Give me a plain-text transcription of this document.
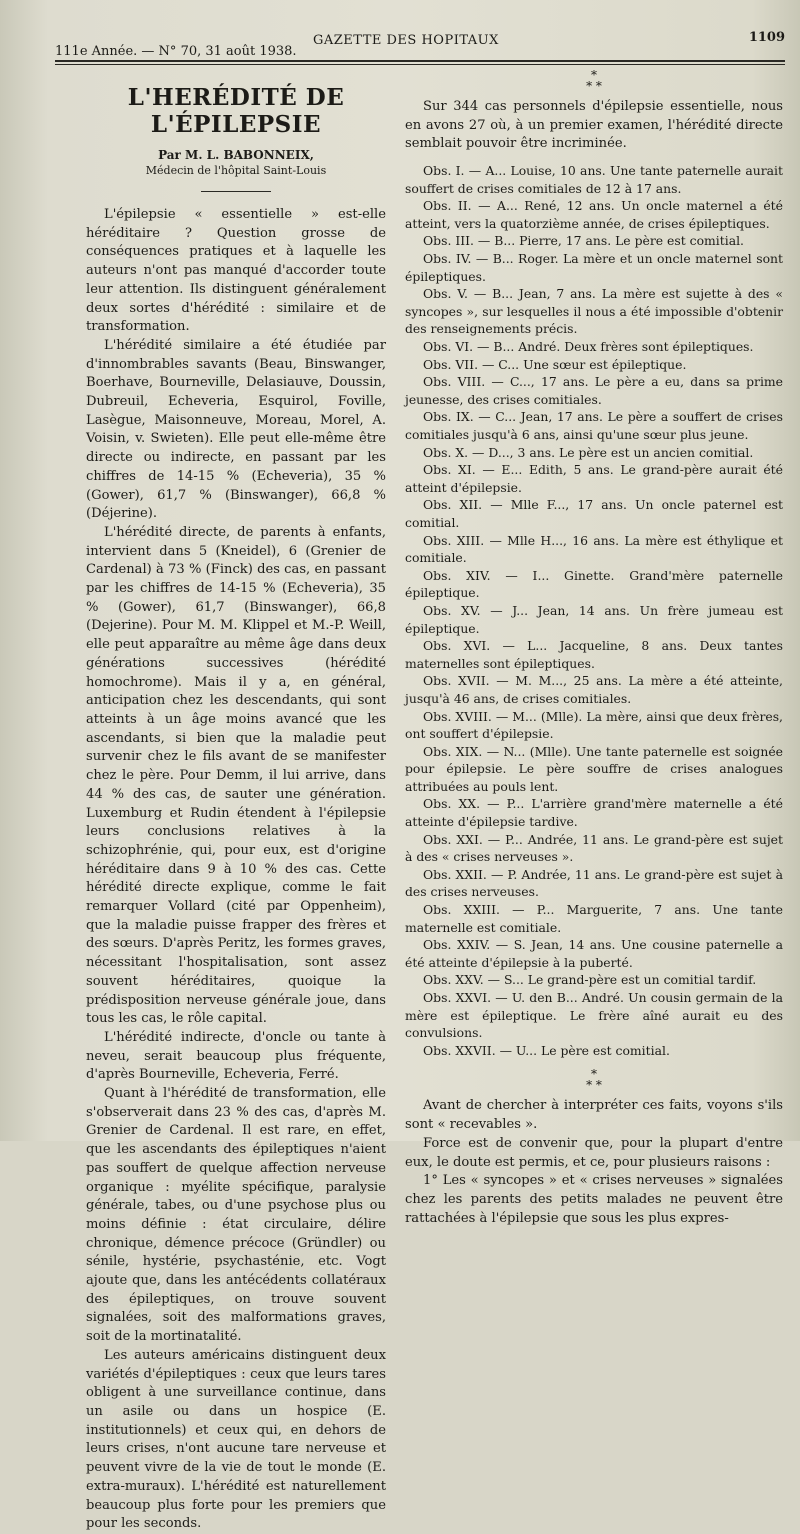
111e Année. — N° 70, 31 août 1938.
GAZETTE DES HOPITAUX	1109
L'HERÉDITÉ DE L'ÉPILEPSIE
Par M. L. BABONNEIX,
Médecin de l'hôpital Saint-Louis

L'épilepsie « essentielle » est-elle héréditaire ? Question grosse de conséquences pratiques et à laquelle les auteurs n'ont pas manqué d'accorder toute leur attention. Ils distinguent généralement deux sortes d'hérédité : similaire et de transformation.

L'hérédité similaire a été étudiée par d'innombrables savants (Beau, Binswanger, Boerhave, Bourneville, Delasiauve, Doussin, Dubreuil, Echeveria, Esquirol, Foville, Lasègue, Maisonneuve, Moreau, Morel, A. Voisin, v. Swieten). Elle peut elle-même être directe ou indirecte, en passant par les chiffres de 14-15 % (Echeveria), 35 % (Gower), 61,7 % (Binswanger), 66,8 % (Déjerine).

L'hérédité directe, de parents à enfants, intervient dans 5 (Kneidel), 6 (Grenier de Cardenal) à 73 % (Finck) des cas, en passant par les chiffres de 14-15 % (Echeveria), 35 % (Gower), 61,7 (Binswanger), 66,8 (Dejerine). Pour M. M. Klippel et M.-P. Weill, elle peut apparaître au même âge dans deux générations successives (hérédité homochrome). Mais il y a, en général, anticipation chez les descendants, qui sont atteints à un âge moins avancé que les ascendants, si bien que la maladie peut survenir chez le fils avant de se manifester chez le père. Pour Demm, il lui arrive, dans 44 % des cas, de sauter une génération. Luxemburg et Rudin étendent à l'épilepsie leurs conclusions relatives à la schizophrénie, qui, pour eux, est d'origine héréditaire dans 9 à 10 % des cas. Cette hérédité directe explique, comme le fait remarquer Vollard (cité par Oppenheim), que la maladie puisse frapper des frères et des sœurs. D'après Peritz, les formes graves, nécessitant l'hospitalisation, sont assez souvent héréditaires, quoique la prédisposition nerveuse générale joue, dans tous les cas, le rôle capital.

L'hérédité indirecte, d'oncle ou tante à neveu, serait beaucoup plus fréquente, d'après Bourneville, Echeveria, Ferré.

Quant à l'hérédité de transformation, elle s'observerait dans 23 % des cas, d'après M. Grenier de Cardenal. Il est rare, en effet, que les ascendants des épileptiques n'aient pas souffert de quelque affection nerveuse organique : myélite spécifique, paralysie générale, tabes, ou d'une psychose plus ou moins définie : état circulaire, délire chronique, démence précoce (Gründler) ou sénile, hystérie, psychasténie, etc. Vogt ajoute que, dans les antécédents collatéraux des épileptiques, on trouve souvent signalées, soit des malformations graves, soit de la mortinatalité.

Les auteurs américains distinguent deux variétés d'épileptiques : ceux que leurs tares obligent à une surveillance continue, dans un asile ou dans un hospice (E. institutionnels) et ceux qui, en dehors de leurs crises, n'ont aucune tare nerveuse et peuvent vivre de la vie de tout le monde (E. extra-muraux). L'hérédité est naturellement beaucoup plus forte pour les premiers que pour les seconds.

*
* *

Sur 344 cas personnels d'épilepsie essentielle, nous en avons 27 où, à un premier examen, l'hérédité directe semblait pouvoir être incriminée.

Obs. I. — A... Louise, 10 ans. Une tante paternelle aurait souffert de crises comitiales de 12 à 17 ans.

Obs. II. — A... René, 12 ans. Un oncle maternel a été atteint, vers la quatorzième année, de crises épileptiques.

Obs. III. — B... Pierre, 17 ans. Le père est comitial.

Obs. IV. — B... Roger. La mère et un oncle maternel sont épileptiques.

Obs. V. — B... Jean, 7 ans. La mère est sujette à des « syncopes », sur lesquelles il nous a été impossible d'obtenir des renseignements précis.

Obs. VI. — B... André. Deux frères sont épileptiques.

Obs. VII. — C... Une sœur est épileptique.

Obs. VIII. — C..., 17 ans. Le père a eu, dans sa prime jeunesse, des crises comitiales.

Obs. IX. — C... Jean, 17 ans. Le père a souffert de crises comitiales jusqu'à 6 ans, ainsi qu'une sœur plus jeune.

Obs. X. — D..., 3 ans. Le père est un ancien comitial.

Obs. XI. — E... Edith, 5 ans. Le grand-père aurait été atteint d'épilepsie.

Obs. XII. — Mlle F..., 17 ans. Un oncle paternel est comitial.

Obs. XIII. — Mlle H..., 16 ans. La mère est éthylique et comitiale.

Obs. XIV. — I... Ginette. Grand'mère paternelle épileptique.

Obs. XV. — J... Jean, 14 ans. Un frère jumeau est épileptique.

Obs. XVI. — L... Jacqueline, 8 ans. Deux tantes maternelles sont épileptiques.

Obs. XVII. — M. M..., 25 ans. La mère a été atteinte, jusqu'à 46 ans, de crises comitiales.

Obs. XVIII. — M... (Mlle). La mère, ainsi que deux frères, ont souffert d'épilepsie.

Obs. XIX. — N... (Mlle). Une tante paternelle est soignée pour épilepsie. Le père souffre de crises analogues attribuées au pouls lent.

Obs. XX. — P... L'arrière grand'mère maternelle a été atteinte d'épilepsie tardive.

Obs. XXI. — P... Andrée, 11 ans. Le grand-père est sujet à des « crises nerveuses ».

Obs. XXII. — P. Andrée, 11 ans. Le grand-père est sujet à des crises nerveuses.

Obs. XXIII. — P... Marguerite, 7 ans. Une tante maternelle est comitiale.

Obs. XXIV. — S. Jean, 14 ans. Une cousine paternelle a été atteinte d'épilepsie à la puberté.

Obs. XXV. — S... Le grand-père est un comitial tardif.

Obs. XXVI. — U. den B... André. Un cousin germain de la mère est épileptique. Le frère aîné aurait eu des convulsions.

Obs. XXVII. — U... Le père est comitial.

*
* *

Avant de chercher à interpréter ces faits, voyons s'ils sont « recevables ».

Force est de convenir que, pour la plupart d'entre eux, le doute est permis, et ce, pour plusieurs raisons :

1° Les « syncopes » et « crises nerveuses » signalées chez les parents des petits malades ne peuvent être rattachées à l'épilepsie que sous les plus expres-
